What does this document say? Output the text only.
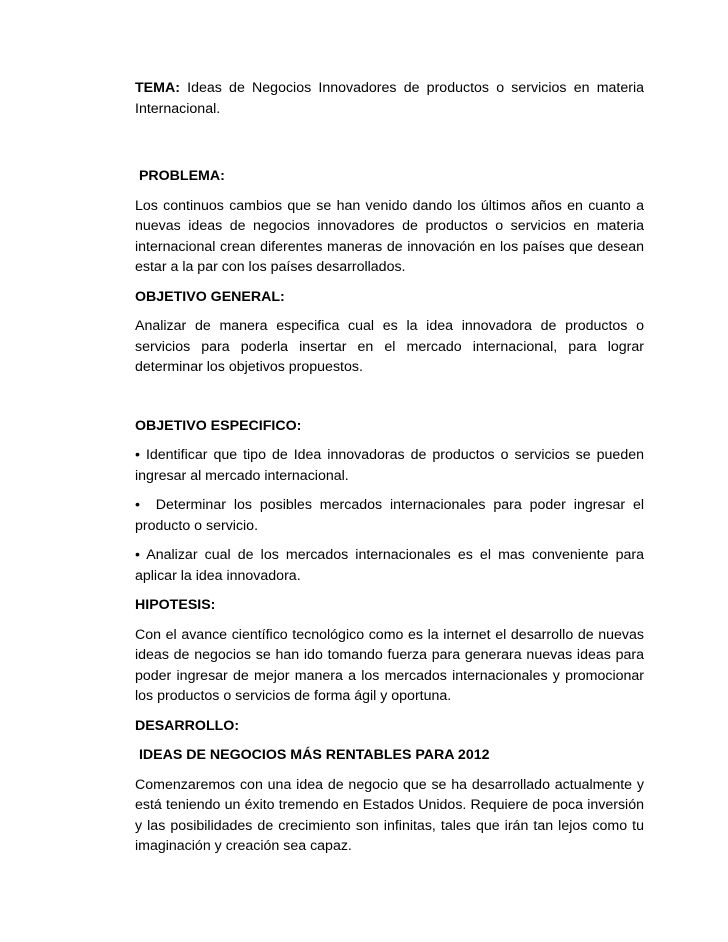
TEMA: Ideas de Negocios Innovadores de productos o servicios en materia Internacional.

PROBLEMA:

Los continuos cambios que se han venido dando los últimos años en cuanto a nuevas ideas de negocios innovadores de productos o servicios en materia internacional crean diferentes maneras de innovación en los países que desean estar a la par con los países desarrollados.

OBJETIVO GENERAL:

Analizar de manera especifica cual es la idea innovadora de productos o servicios para poderla insertar en el mercado internacional, para lograr determinar los objetivos propuestos.

OBJETIVO ESPECIFICO:

• Identificar que tipo de Idea innovadoras de productos o servicios se pueden ingresar al mercado internacional.

•  Determinar los posibles mercados internacionales para poder ingresar el producto o servicio.

• Analizar cual de los mercados internacionales es el mas conveniente para aplicar la idea innovadora.

HIPOTESIS:

Con el avance científico tecnológico como es la internet el desarrollo de nuevas ideas de negocios se han ido tomando fuerza para generara nuevas ideas para poder ingresar de mejor manera a los mercados internacionales y promocionar los productos o servicios de forma ágil y oportuna.

DESARROLLO:

IDEAS DE NEGOCIOS MÁS RENTABLES PARA 2012

Comenzaremos con una idea de negocio que se ha desarrollado actualmente y está teniendo un éxito tremendo en Estados Unidos. Requiere de poca inversión y las posibilidades de crecimiento son infinitas, tales que irán tan lejos como tu imaginación y creación sea capaz.
